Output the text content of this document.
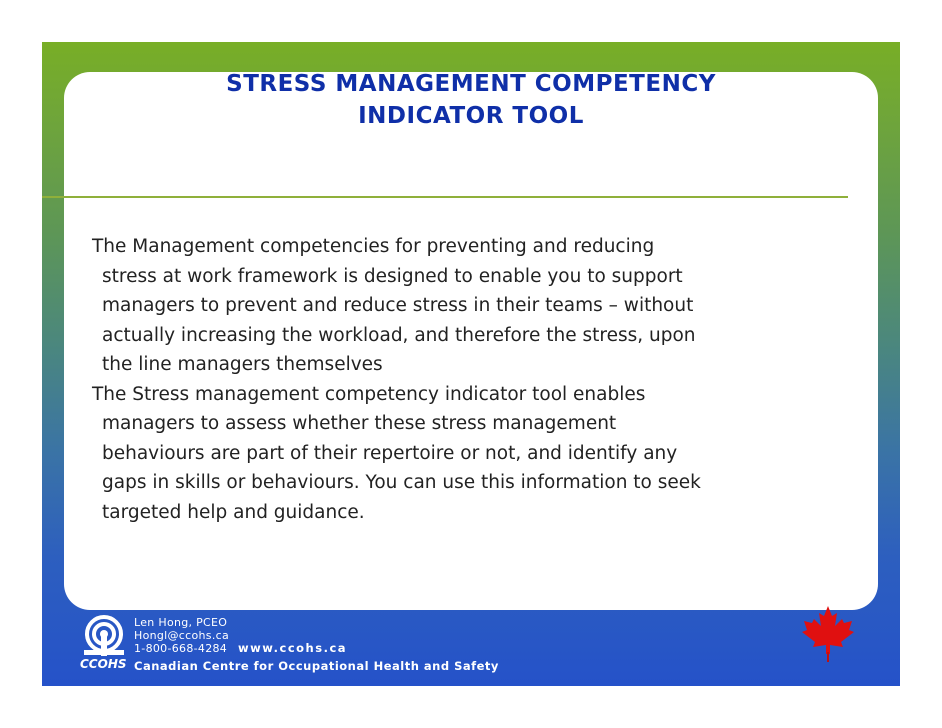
STRESS MANAGEMENT COMPETENCY
INDICATOR TOOL

The Management competencies for preventing and reducing
stress at work framework is designed to enable you to support
managers to prevent and reduce stress in their teams – without
actually increasing the workload, and therefore the stress, upon
the line managers themselves

The Stress management competency indicator tool enables
managers to assess whether these stress management
behaviours are part of their repertoire or not, and identify any
gaps in skills or behaviours. You can use this information to seek
targeted help and guidance.

CCOHS
Len Hong, PCEO
Hongl@ccohs.ca
1-800-668-4284 www.ccohs.ca
Canadian Centre for Occupational Health and Safety
